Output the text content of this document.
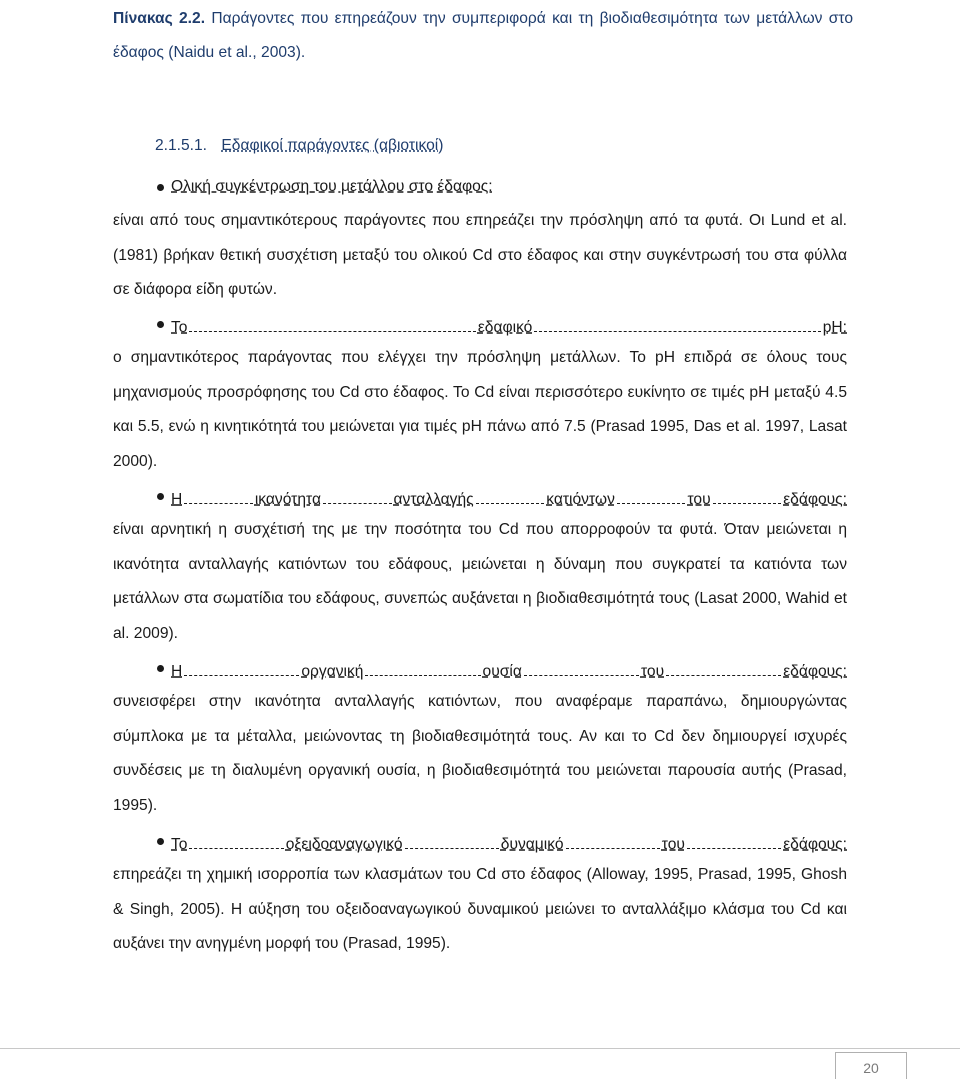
Πίνακας 2.2. Παράγοντες που επηρεάζουν την συμπεριφορά και τη βιοδιαθεσιμότητα των μετάλλων στο έδαφος (Naidu et al., 2003).
2.1.5.1. Εδαφικοί παράγοντες (αβιοτικοί)
Ολική συγκέντρωση του μετάλλου στο έδαφος:

είναι από τους σημαντικότερους παράγοντες που επηρεάζει την πρόσληψη από τα φυτά. Οι Lund et al. (1981) βρήκαν θετική συσχέτιση μεταξύ του ολικού Cd στο έδαφος και στην συγκέντρωσή του στα φύλλα σε διάφορα είδη φυτών.

Το	εδαφικό	pH:

ο σημαντικότερος παράγοντας που ελέγχει την πρόσληψη μετάλλων. Το pH επιδρά σε όλους τους μηχανισμούς προσρόφησης του Cd στο έδαφος. Το Cd είναι περισσότερο ευκίνητο σε τιμές pH μεταξύ 4.5 και 5.5, ενώ η κινητικότητά του μειώνεται για τιμές pH πάνω από 7.5 (Prasad 1995, Das et al. 1997, Lasat 2000).

Η	ικανότητα	ανταλλαγής	κατιόντων	του	εδάφους:

είναι αρνητική η συσχέτισή της με την ποσότητα του Cd που απορροφούν τα φυτά. Όταν μειώνεται η ικανότητα ανταλλαγής κατιόντων του εδάφους, μειώνεται η δύναμη που συγκρατεί τα κατιόντα των μετάλλων στα σωματίδια του εδάφους, συνεπώς αυξάνεται η βιοδιαθεσιμότητά τους (Lasat 2000, Wahid et al. 2009).

Η	οργανική	ουσία	του	εδάφους:

συνεισφέρει στην ικανότητα ανταλλαγής κατιόντων, που αναφέραμε παραπάνω, δημιουργώντας σύμπλοκα με τα μέταλλα, μειώνοντας τη βιοδιαθεσιμότητά τους. Αν και το Cd δεν δημιουργεί ισχυρές συνδέσεις με τη διαλυμένη οργανική ουσία, η βιοδιαθεσιμότητά του μειώνεται παρουσία αυτής (Prasad, 1995).

Το	οξειδοαναγωγικό	δυναμικό	του	εδάφους:

επηρεάζει τη χημική ισορροπία των κλασμάτων του Cd στο έδαφος (Alloway, 1995, Prasad, 1995, Ghosh & Singh, 2005). Η αύξηση του οξειδοαναγωγικού δυναμικού μειώνει το ανταλλάξιμο κλάσμα του Cd και αυξάνει την ανηγμένη μορφή του (Prasad, 1995).

20
